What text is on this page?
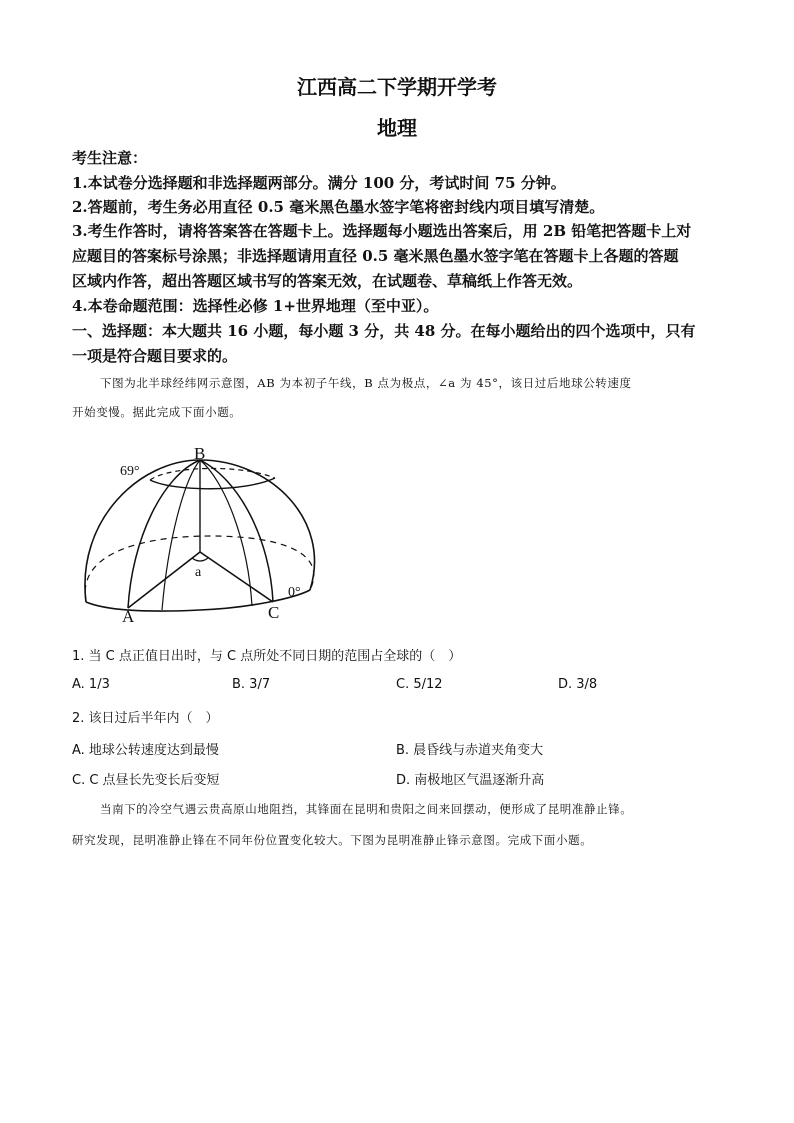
江西高二下学期开学考
地理
考生注意：
1.本试卷分选择题和非选择题两部分。满分 100 分，考试时间 75 分钟。
2.答题前，考生务必用直径 0.5 毫米黑色墨水签字笔将密封线内项目填写清楚。
3.考生作答时，请将答案答在答题卡上。选择题每小题选出答案后，用 2B 铅笔把答题卡上对
应题目的答案标号涂黑；非选择题请用直径 0.5 毫米黑色墨水签字笔在答题卡上各题的答题
区域内作答，超出答题区域书写的答案无效，在试题卷、草稿纸上作答无效。
4.本卷命题范围：选择性必修 1+世界地理（至中亚）。
一、选择题：本大题共 16 小题，每小题 3 分，共 48 分。在每小题给出的四个选项中，只有
一项是符合题目要求的。
下图为北半球经纬网示意图，AB 为本初子午线，B 点为极点，∠a 为 45°，该日过后地球公转速度
开始变慢。据此完成下面小题。
B
69°
a
A	C
0°
1. 当 C 点正值日出时，与 C 点所处不同日期的范围占全球的（　）
A. 1/3	B. 3/7	C. 5/12	D. 3/8
2. 该日过后半年内（　）
A. 地球公转速度达到最慢	B. 晨昏线与赤道夹角变大
C. C 点昼长先变长后变短	D. 南极地区气温逐渐升高
当南下的冷空气遇云贵高原山地阻挡，其锋面在昆明和贵阳之间来回摆动，便形成了昆明准静止锋。
研究发现，昆明准静止锋在不同年份位置变化较大。下图为昆明准静止锋示意图。完成下面小题。
